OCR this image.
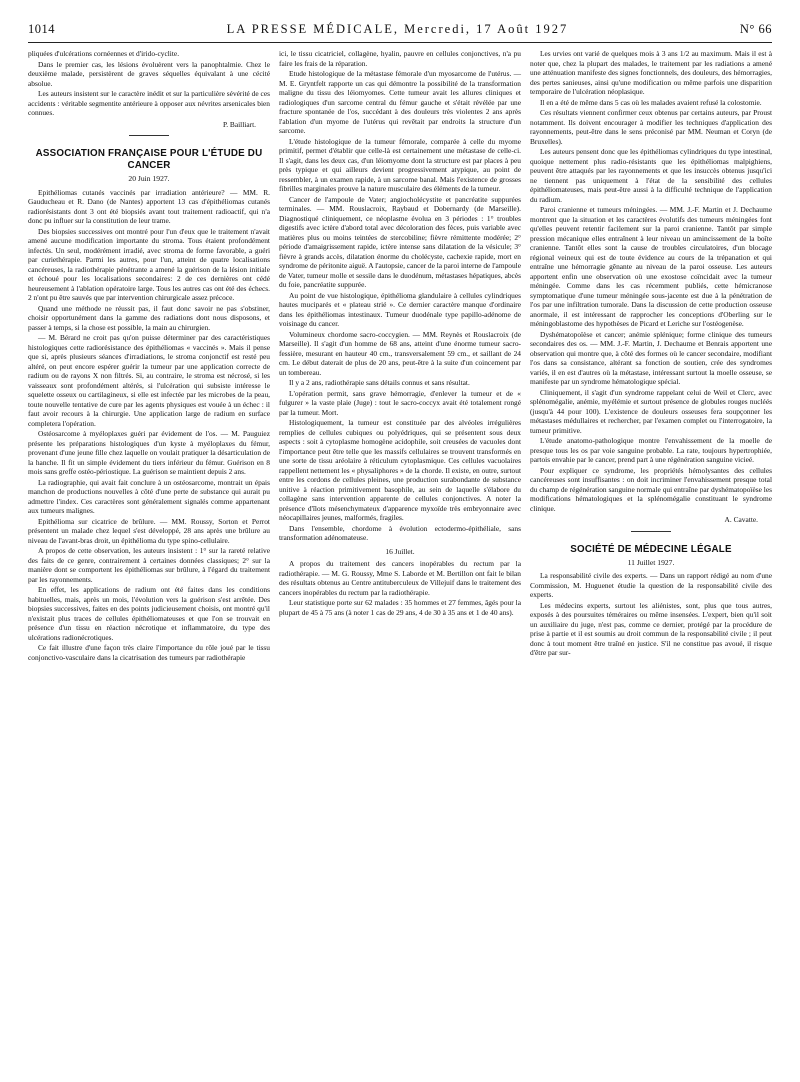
1014	LA PRESSE MÉDICALE, Mercredi, 17 Août 1927	N° 66

pliquées d'ulcérations cornéennes et d'irido-cyclite.

Dans le premier cas, les lésions évoluèrent vers la panophtalmie. Chez le deuxième malade, persistèrent de graves séquelles équivalant à une cécité absolue.

Les auteurs insistent sur le caractère inédit et sur la particulière sévérité de ces accidents : véritable segmentite antérieure à opposer aux névrites arsenicales bien connues.

P. Bailliart.
ASSOCIATION FRANÇAISE POUR L'ÉTUDE DU CANCER
20 Juin 1927.

Epithéliomas cutanés vaccinés par irradiation antérieure? — MM. R. Gauducheau et R. Dano (de Nantes) apportent 13 cas d'épithéliomas cutanés radiorésistants dont 3 ont été biopsiés avant tout traitement radioactif, qui n'a donc pu influer sur la constitution de leur trame.

Des biopsies successives ont montré pour l'un d'eux que le traitement n'avait amené aucune modification importante du stroma. Tous étaient profondément infectés. Un seul, modérément irradié, avec stroma de forme favorable, a guéri par curiethérapie. Parmi les autres, pour l'un, atteint de quatre localisations cancéreuses, la radiothérapie pénétrante a amené la guérison de la lésion initiale et échoué pour les localisations secondaires: 2 de ces dernières ont cédé heureusement à l'ablation opératoire large. Tous les autres cas ont été des échecs. 2 n'ont pu être sauvés que par intervention chirurgicale assez précoce.

Quand une méthode ne réussit pas, il faut donc savoir ne pas s'obstiner, choisir opportunément dans la gamme des radiations dont nous disposons, et passer à temps, si la chose est possible, la main au chirurgien.

— M. Bérard ne croit pas qu'on puisse déterminer par des caractéristiques histologiques cette radiorésistance des épithéliomas « vaccinés ». Mais il pense que si, après plusieurs séances d'irradiations, le stroma conjonctif est resté peu altéré, on peut encore espérer guérir la tumeur par une application correcte de radium ou de rayons X non filtrés. Si, au contraire, le stroma est nécrosé, si les vaisseaux sont profondément altérés, si l'ulcération qui subsiste intéresse le squelette osseux ou cartilagineux, si elle est infectée par les microbes de la peau, toute nouvelle tentative de cure par les agents physiques est vouée à un échec : il faut avoir recours à la chirurgie. Une application large de radium en surface completera l'opération.

Ostéosarcome à myéloplaxes guéri par évidement de l'os. — M. Pauguiez présente les préparations histologiques d'un kyste à myéloplaxes du fémur, provenant d'une jeune fille chez laquelle on voulait pratiquer la désarticulation de la hanche. Il fit un simple évidement du tiers inférieur du fémur. Guérison en 8 mois sans greffe ostéo-périostique. La guérison se maintient depuis 2 ans.

La radiographie, qui avait fait conclure à un ostéosarcome, montrait un épais manchon de productions nouvelles à côté d'une perte de substance qui aurait pu admettre l'index. Ces caractères sont généralement signalés comme appartenant aux tumeurs malignes.

Epithélioma sur cicatrice de brûlure. — MM. Roussy, Sorton et Perrot présentent un malade chez lequel s'est développé, 28 ans après une brûlure au niveau de l'avant-bras droit, un épithélioma du type spino-cellulaire.

A propos de cette observation, les auteurs insistent : 1° sur la rareté relative des faits de ce genre, contrairement à certaines données classiques; 2° sur la manière dont se comportent les épithéliomas sur brûlure, à l'égard du traitement par les rayonnements.

En effet, les applications de radium ont été faites dans les conditions habituelles, mais, après un mois, l'évolution vers la guérison s'est arrêtée. Des biopsies successives, faites en des points judicieusement choisis, ont montré qu'il n'existait plus traces de cellules épithéliomateuses et que l'on se trouvait en présence d'un tissu en réaction nécrotique et inflammatoire, du type des ulcérations radionécrotiques.

Ce fait illustre d'une façon très claire l'importance du rôle joué par le tissu conjonctivo-vasculaire dans la cicatrisation des tumeurs par radiothérapie

ici, le tissu cicatriciel, collagène, hyalin, pauvre en cellules conjonctives, n'a pu faire les frais de la réparation.

Etude histologique de la métastase fémorale d'un myosarcome de l'utérus. — M. E. Gryntfelt rapporte un cas qui démontre la possibilité de la transformation maligne du tissu des léiomyomes. Cette tumeur avait les allures cliniques et radiologiques d'un sarcome central du fémur gauche et s'était révélée par une fracture spontanée de l'os, succédant à des douleurs très violentes 2 ans après l'ablation d'un myome de l'utérus qui revêtait par endroits la structure d'un sarcome.

L'étude histologique de la tumeur fémorale, comparée à celle du myome primitif, permet d'établir que celle-là est certainement une métastase de celle-ci. Il s'agit, dans les deux cas, d'un léiomyome dont la structure est par places à peu près typique et qui ailleurs devient progressivement atypique, au point de ressembler, à un examen rapide, à un sarcome banal. Mais l'existence de grosses fibrilles marginales prouve la nature musculaire des éléments de la tumeur.

Cancer de l'ampoule de Vater; angiocholécystite et pancréatite suppurées terminales. — MM. Rouslacroix, Raybaud et Dobernardy (de Marseille). Diagnostiqué cliniquement, ce néoplasme évolua en 3 périodes : 1° troubles digestifs avec ictère d'abord total avec décoloration des fèces, puis variable avec matières plus ou moins teintées de stercobiline; fièvre rémittente modérée; 2° période d'amaigrissement rapide, ictère intense sans dilatation de la vésicule; 3° fièvre à grands accès, dilatation énorme du cholécyste, cachexie rapide, mort en syndrome de péritonite aiguë. A l'autopsie, cancer de la paroi interne de l'ampoule de Vater, tumeur molle et sessile dans le duodénum, métastases hépatiques, abcès du foie, pancréatite suppurée.

Au point de vue histologique, épithélioma glandulaire à cellules cylindriques hautes muciparés et « plateau strié ». Ce dernier caractère manque d'ordinaire dans les épithéliomas intestinaux. Tumeur duodénale type papillo-adénome de voisinage du cancer.

Volumineux chordome sacro-coccygien. — MM. Reynès et Rouslacroix (de Marseille). Il s'agit d'un homme de 68 ans, atteint d'une énorme tumeur sacro-fessière, mesurant en hauteur 40 cm., transversalement 59 cm., et saillant de 24 cm. Le début daterait de plus de 20 ans, peut-être à la suite d'un coincement par un tombereau.

Il y a 2 ans, radiothérapie sans détails connus et sans résultat.

L'opération permit, sans grave hémorragie, d'enlever la tumeur et de « fulgurer » la vaste plaie (Juge) : tout le sacro-coccyx avait été totalement rongé par la tumeur. Mort.

Histologiquement, la tumeur est constituée par des alvéoles irrégulières remplies de cellules cubiques ou polyédriques, qui se présentent sous deux aspects : soit à cytoplasme homogène acidophile, soit creusées de vacuoles dont l'importance peut être telle que les massifs cellulaires se trouvent transformés en une sorte de tissu aréolaire à réticulum cytoplasmique. Ces cellules vacuolaires rappellent nettement les « physaliphores » de la chorde. Il existe, en outre, surtout entre les cordons de cellules pleines, une production surabondante de substance unitive à réaction primitivement basophile, au sein de laquelle s'élabore du collagène sans intervention apparente de cellules conjonctives. A noter la présence d'îlots mésenchymateux d'apparence myxoïde très embryonnaire avec néocapillaires jeunes, malformés, fragiles.

Dans l'ensemble, chordome à évolution ectodermo-épithéliale, sans transformation adénomateuse.

16 Juillet.

A propos du traitement des cancers inopérables du rectum par la radiothérapie. — M. G. Roussy, Mme S. Laborde et M. Bertillon ont fait le bilan des résultats obtenus au Centre antituberculeux de Villejuif dans le traitement des cancers inopérables du rectum par la radiothérapie.

Leur statistique porte sur 62 malades : 35 hommes et 27 femmes, âgés pour la plupart de 45 à 75 ans (à noter 1 cas de 29 ans, 4 de 30 à 35 ans et 1 de 40 ans).

Les urvies ont varié de quelques mois à 3 ans 1/2 au maximum. Mais il est à noter que, chez la plupart des malades, le traitement par les radiations a amené une atténuation manifeste des signes fonctionnels, des douleurs, des hémorragies, des pertes sanieuses, ainsi qu'une modification ou même parfois une disparition temporaire de l'ulcération néoplasique.

Il en a été de même dans 5 cas où les malades avaient refusé la colostomie.

Ces résultats viennent confirmer ceux obtenus par certains auteurs, par Proust notamment. Ils doivent encourager à modifier les techniques d'application des rayonnements, peut-être dans le sens préconisé par MM. Neuman et Coryn (de Bruxelles).

Les auteurs pensent donc que les épithéliomas cylindriques du type intestinal, quoique nettement plus radio-résistants que les épithéliomas malpighiens, peuvent être attaqués par les rayonnements et que les insuccès obtenus jusqu'ici ne tiennent pas uniquement à l'état de la sensibilité des cellules épithéliomateuses, mais peut-être aussi à la difficulté technique de l'application du radium.

Paroi cranienne et tumeurs méningées. — MM. J.-F. Martin et J. Dechaume montrent que la situation et les caractères évolutifs des tumeurs méningées font qu'elles peuvent retentir facilement sur la paroi cranienne. Tantôt par simple pression mécanique elles entraînent à leur niveau un amincissement de la boîte cranienne. Tantôt elles sont la cause de troubles circulatoires, d'un blocage régional veineux qui est de toute évidence au cours de la trépanation et qui entraîne une hémorragie gênante au niveau de la paroi osseuse. Les auteurs apportent enfin une observation où une exostose coïncidait avec la tumeur méningée. Comme dans les cas récemment publiés, cette hémicranose symptomatique d'une tumeur méningée sous-jacente est due à la pénétration de l'os par une infiltration tumorale. Dans la discussion de cette production osseuse anormale, il est intéressant de rapprocher les conceptions d'Oberling sur le méningoblastome des hypothèses de Picard et Leriche sur l'ostéogenèse.

Dyshématopoïèse et cancer; anémie splénique; forme clinique des tumeurs secondaires des os. — MM. J.-F. Martin, J. Dechaume et Benrais apportent une observation qui montre que, à côté des formes où le cancer secondaire, modifiant l'os dans sa consistance, altérant sa fonction de soutien, crée des syndromes variés, il en est d'autres où la métastase, intéressant surtout la moelle osseuse, se manifeste par un syndrome hématologique spécial.

Cliniquement, il s'agit d'un syndrome rappelant celui de Weil et Clerc, avec splénomégalie, anémie, myélémie et surtout présence de globules rouges nucléés (jusqu'à 44 pour 100). L'existence de douleurs osseuses fera soupçonner les métastases médullaires et rechercher, par l'examen complet ou l'interrogatoire, la tumeur primitive.

L'étude anatomo-pathologique montre l'envahissement de la moelle de presque tous les os par voie sanguine probable. La rate, toujours hypertrophiée, partois envahie par le cancer, prend part à une régénération sanguine vicieé.

Pour expliquer ce syndrome, les propriétés hémolysantes des cellules cancéreuses sont insuffisantes : on doit incriminer l'envahissement presque total du champ de régénération sanguine normale qui entraîne par dyshématopoïèse les modifications hématologiques et la splénomégalie constituant le syndrome clinique.

A. Cavatte.
SOCIÉTÉ DE MÉDECINE LÉGALE
11 Juillet 1927.

La responsabilité civile des experts. — Dans un rapport rédigé au nom d'une Commission, M. Huguenet étudie la question de la responsabilité civile des experts.

Les médecins experts, surtout les aliénistes, sont, plus que tous autres, exposés à des poursuites téméraires ou même insensées. L'expert, bien qu'il soit un auxiliaire du juge, n'est pas, comme ce dernier, protégé par la procédure de prise à partie et il est soumis au droit commun de la responsabilité civile ; il peut donc à tout moment être traîné en justice. S'il ne constitue pas avoué, il risque d'être par sur-
